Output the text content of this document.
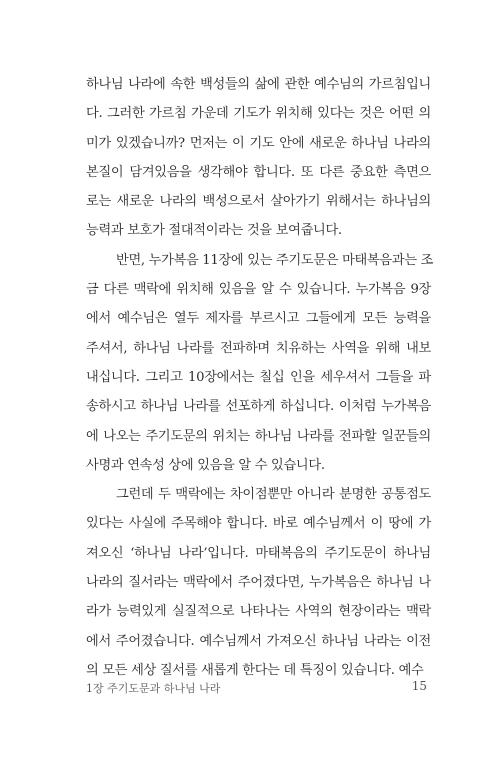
하나님 나라에 속한 백성들의 삶에 관한 예수님의 가르침입니
다. 그러한 가르침 가운데 기도가 위치해 있다는 것은 어떤 의
미가 있겠습니까? 먼저는 이 기도 안에 새로운 하나님 나라의
본질이 담겨있음을 생각해야 합니다. 또 다른 중요한 측면으
로는 새로운 나라의 백성으로서 살아가기 위해서는 하나님의
능력과 보호가 절대적이라는 것을 보여줍니다.
반면, 누가복음 11장에 있는 주기도문은 마태복음과는 조
금 다른 맥락에 위치해 있음을 알 수 있습니다. 누가복음 9장
에서 예수님은 열두 제자를 부르시고 그들에게 모든 능력을
주셔서, 하나님 나라를 전파하며 치유하는 사역을 위해 내보
내십니다. 그리고 10장에서는 칠십 인을 세우셔서 그들을 파
송하시고 하나님 나라를 선포하게 하십니다. 이처럼 누가복음
에 나오는 주기도문의 위치는 하나님 나라를 전파할 일꾼들의
사명과 연속성 상에 있음을 알 수 있습니다.
그런데 두 맥락에는 차이점뿐만 아니라 분명한 공통점도
있다는 사실에 주목해야 합니다. 바로 예수님께서 이 땅에 가
져오신 ‘하나님 나라’입니다. 마태복음의 주기도문이 하나님
나라의 질서라는 맥락에서 주어졌다면, 누가복음은 하나님 나
라가 능력있게 실질적으로 나타나는 사역의 현장이라는 맥락
에서 주어졌습니다. 예수님께서 가져오신 하나님 나라는 이전
의 모든 세상 질서를 새롭게 한다는 데 특징이 있습니다. 예수
1장 주기도문과 하나님 나라	15
